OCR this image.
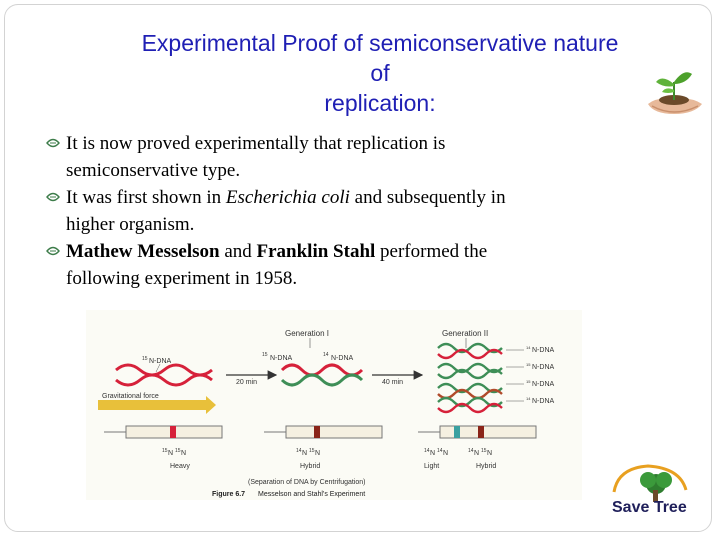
Experimental Proof of semiconservative nature
of
replication:
It is now proved experimentally that replication is
semiconservative type.
It was first shown in Escherichia coli and subsequently in
higher organism.
Mathew Messelson and Franklin Stahl performed the
following experiment in 1958.
Generation I	Generation II
15 N-DNA
20 min
15 N-DNA	14 N-DNA
40 min
14 N-DNA
15 N-DNA
15 N-DNA
14 N-DNA
Gravitational force
15 N 15 N
Heavy
14 N 15 N
Hybrid
14 N 14 N	14 N 15 N
Light	Hybrid
(Separation of DNA by Centrifugation)
Figure 6.7 Messelson and Stahl's Experiment
Save Tree
